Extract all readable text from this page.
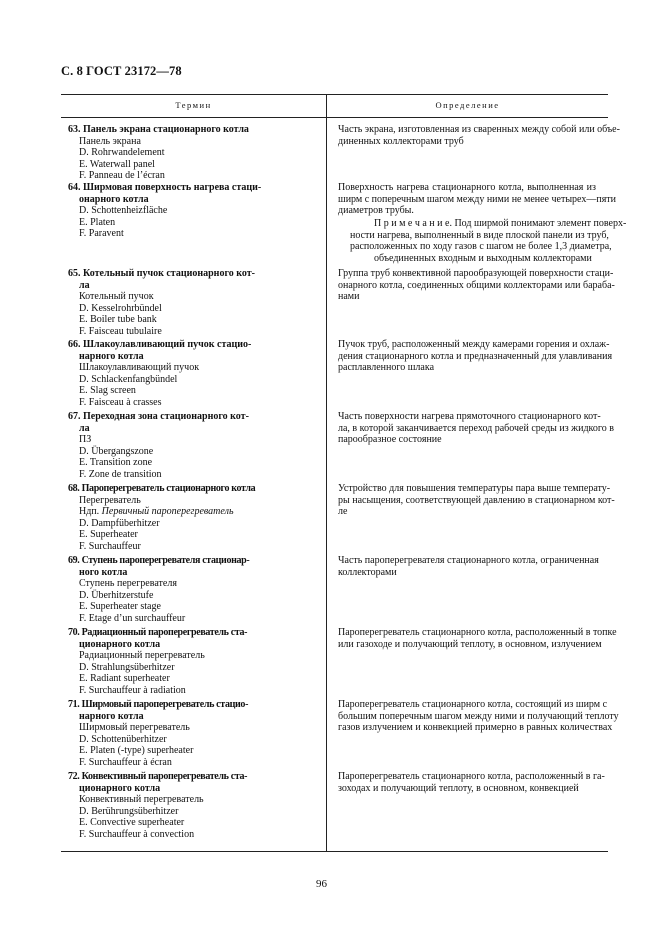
С. 8 ГОСТ 23172—78
Термин	Определение
63. Панель экрана стационарного котла
Панель экрана
D. Rohrwandelement
E. Waterwall panel
F. Panneau de l’écran
Часть экрана, изготовленная из сваренных между собой или объе-
диненных коллекторами труб
64. Ширмовая поверхность нагрева стаци-
онарного котла
D. Schottenheizfläche
E. Platen
F. Paravent
Поверхность нагрева стационарного котла, выполненная из
ширм с поперечным шагом между ними не менее четырех—пяти
диаметров трубы.
П р и м е ч а н и е. Под ширмой понимают элемент поверх-
ности нагрева, выполненный в виде плоской панели из труб,
расположенных по ходу газов с шагом не более 1,3 диаметра,
объединенных входным и выходным коллекторами
65. Котельный пучок стационарного кот-
ла
Котельный пучок
D. Kesselrohrbündel
E. Boiler tube bank
F. Faisceau tubulaire
Группа труб конвективной парообразующей поверхности стаци-
онарного котла, соединенных общими коллекторами или бараба-
нами
66. Шлакоулавливающий пучок стацио-
нарного котла
Шлакоулавливающий пучок
D. Schlackenfangbündel
E. Slag screen
F. Faisceau à crasses
Пучок труб, расположенный между камерами горения и охлаж-
дения стационарного котла и предназначенный для улавливания
расплавленного шлака
67. Переходная зона стационарного кот-
ла
ПЗ
D. Übergangszone
E. Transition zone
F. Zone de transition
Часть поверхности нагрева прямоточного стационарного кот-
ла, в которой заканчивается переход рабочей среды из жидкого в
парообразное состояние
68. Пароперегреватель стационарного котла
Перегреватель
Ндп. Первичный пароперегреватель
D. Dampfüberhitzer
E. Superheater
F. Surchauffeur
Устройство для повышения температуры пара выше температу-
ры насыщения, соответствующей давлению в стационарном кот-
ле
69. Ступень пароперегревателя стационар-
ного котла
Ступень перегревателя
D. Überhitzerstufe
E. Superheater stage
F. Etage d’un surchauffeur
Часть пароперегревателя стационарного котла, ограниченная
коллекторами
70. Радиационный пароперегреватель ста-
ционарного котла
Радиационный перегреватель
D. Strahlungsüberhitzer
E. Radiant superheater
F. Surchauffeur à radiation
Пароперегреватель стационарного котла, расположенный в топке
или газоходе и получающий теплоту, в основном, излучением
71. Ширмовый пароперегреватель стацио-
нарного котла
Ширмовый перегреватель
D. Schottenüberhitzer
E. Platen (-type) superheater
F. Surchauffeur à écran
Пароперегреватель стационарного котла, состоящий из ширм с
большим поперечным шагом между ними и получающий теплоту
газов излучением и конвекцией примерно в равных количествах
72. Конвективный пароперегреватель ста-
ционарного котла
Конвективный перегреватель
D. Berührungsüberhitzer
E. Convective superheater
F. Surchauffeur à convection
Пароперегреватель стационарного котла, расположенный в га-
зоходах и получающий теплоту, в основном, конвекцией
96
